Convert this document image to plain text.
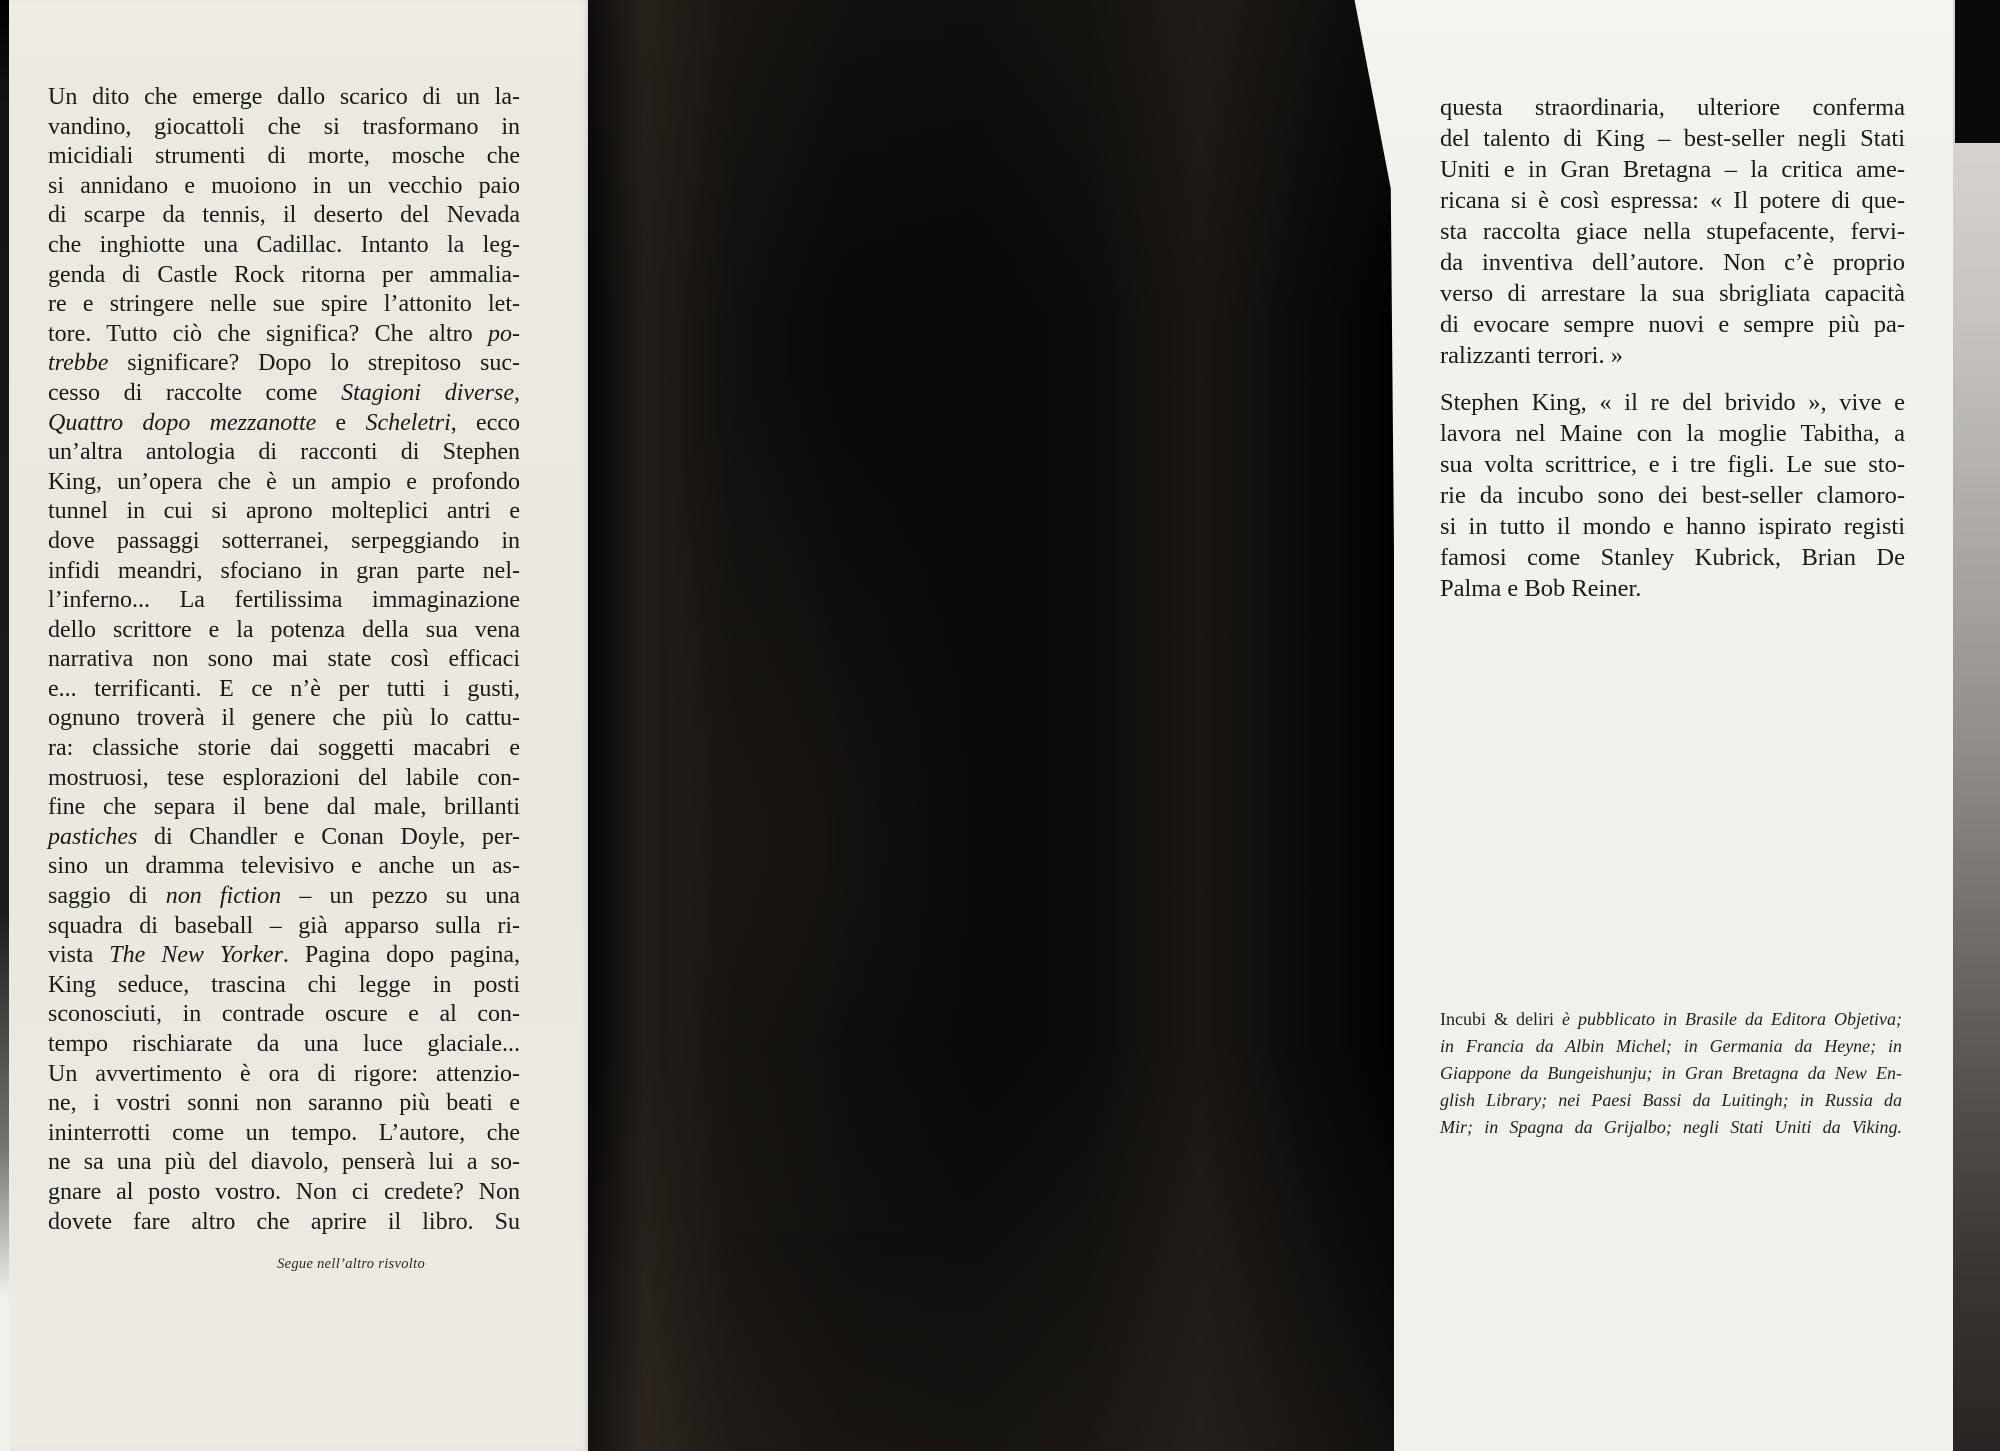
Un dito che emerge dallo scarico di un la-
vandino, giocattoli che si trasformano in
micidiali strumenti di morte, mosche che
si annidano e muoiono in un vecchio paio
di scarpe da tennis, il deserto del Nevada
che inghiotte una Cadillac. Intanto la leg-
genda di Castle Rock ritorna per ammalia-
re e stringere nelle sue spire l’attonito let-
tore. Tutto ciò che significa? Che altro po-
trebbe significare? Dopo lo strepitoso suc-
cesso di raccolte come Stagioni diverse,
Quattro dopo mezzanotte e Scheletri, ecco
un’altra antologia di racconti di Stephen
King, un’opera che è un ampio e profondo
tunnel in cui si aprono molteplici antri e
dove passaggi sotterranei, serpeggiando in
infidi meandri, sfociano in gran parte nel-
l’inferno... La fertilissima immaginazione
dello scrittore e la potenza della sua vena
narrativa non sono mai state così efficaci
e... terrificanti. E ce n’è per tutti i gusti,
ognuno troverà il genere che più lo cattu-
ra: classiche storie dai soggetti macabri e
mostruosi, tese esplorazioni del labile con-
fine che separa il bene dal male, brillanti
pastiches di Chandler e Conan Doyle, per-
sino un dramma televisivo e anche un as-
saggio di non fiction – un pezzo su una
squadra di baseball – già apparso sulla ri-
vista The New Yorker. Pagina dopo pagina,
King seduce, trascina chi legge in posti
sconosciuti, in contrade oscure e al con-
tempo rischiarate da una luce glaciale...
Un avvertimento è ora di rigore: attenzio-
ne, i vostri sonni non saranno più beati e
ininterrotti come un tempo. L’autore, che
ne sa una più del diavolo, penserà lui a so-
gnare al posto vostro. Non ci credete? Non
dovete fare altro che aprire il libro. Su
Segue nell’altro risvolto
questa straordinaria, ulteriore conferma
del talento di King – best-seller negli Stati
Uniti e in Gran Bretagna – la critica ame-
ricana si è così espressa: « Il potere di que-
sta raccolta giace nella stupefacente, fervi-
da inventiva dell’autore. Non c’è proprio
verso di arrestare la sua sbrigliata capacità
di evocare sempre nuovi e sempre più pa-
ralizzanti terrori. »
Stephen King, « il re del brivido », vive e
lavora nel Maine con la moglie Tabitha, a
sua volta scrittrice, e i tre figli. Le sue sto-
rie da incubo sono dei best-seller clamoro-
si in tutto il mondo e hanno ispirato registi
famosi come Stanley Kubrick, Brian De
Palma e Bob Reiner.
Incubi & deliri è pubblicato in Brasile da Editora Objetiva;
in Francia da Albin Michel; in Germania da Heyne; in
Giappone da Bungeishunju; in Gran Bretagna da New En-
glish Library; nei Paesi Bassi da Luitingh; in Russia da
Mir; in Spagna da Grijalbo; negli Stati Uniti da Viking.
